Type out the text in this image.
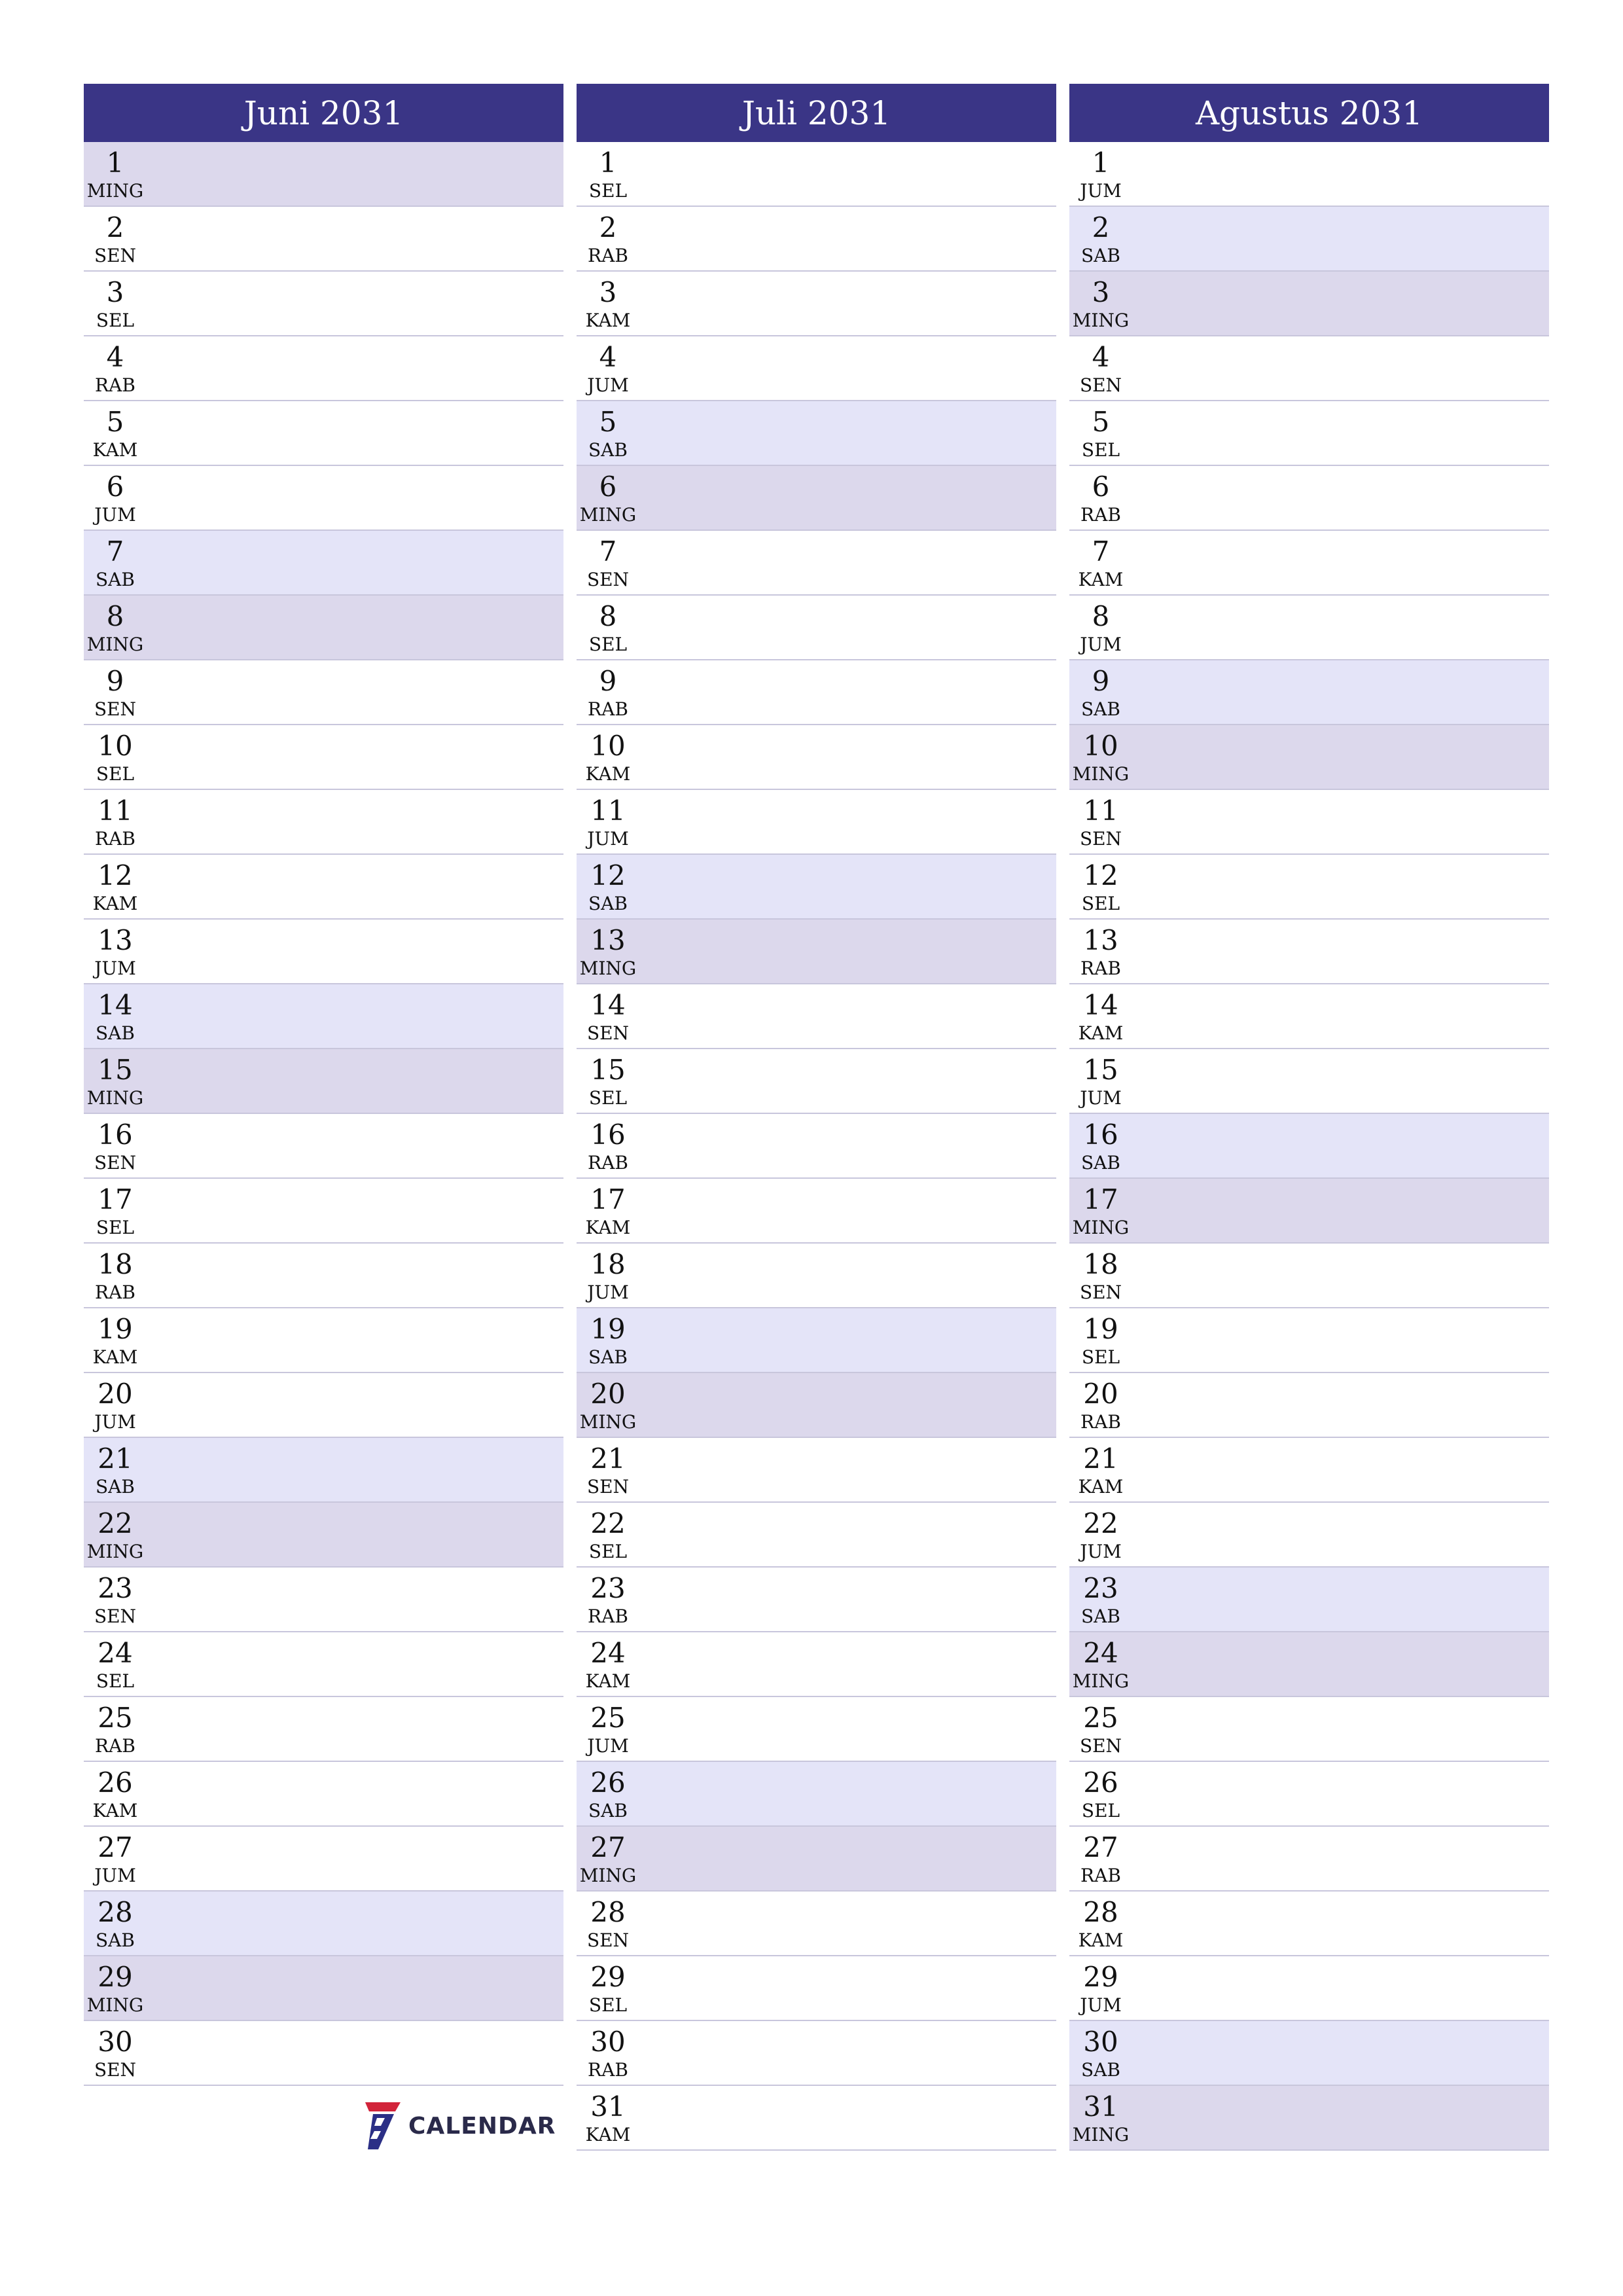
Juni 2031
1
MING
2
SEN
3
SEL
4
RAB
5
KAM
6
JUM
7
SAB
8
MING
9
SEN
10
SEL
11
RAB
12
KAM
13
JUM
14
SAB
15
MING
16
SEN
17
SEL
18
RAB
19
KAM
20
JUM
21
SAB
22
MING
23
SEN
24
SEL
25
RAB
26
KAM
27
JUM
28
SAB
29
MING
30
SEN
Juli 2031
1
SEL
2
RAB
3
KAM
4
JUM
5
SAB
6
MING
7
SEN
8
SEL
9
RAB
10
KAM
11
JUM
12
SAB
13
MING
14
SEN
15
SEL
16
RAB
17
KAM
18
JUM
19
SAB
20
MING
21
SEN
22
SEL
23
RAB
24
KAM
25
JUM
26
SAB
27
MING
28
SEN
29
SEL
30
RAB
31
KAM
Agustus 2031
1
JUM
2
SAB
3
MING
4
SEN
5
SEL
6
RAB
7
KAM
8
JUM
9
SAB
10
MING
11
SEN
12
SEL
13
RAB
14
KAM
15
JUM
16
SAB
17
MING
18
SEN
19
SEL
20
RAB
21
KAM
22
JUM
23
SAB
24
MING
25
SEN
26
SEL
27
RAB
28
KAM
29
JUM
30
SAB
31
MING
CALENDAR
